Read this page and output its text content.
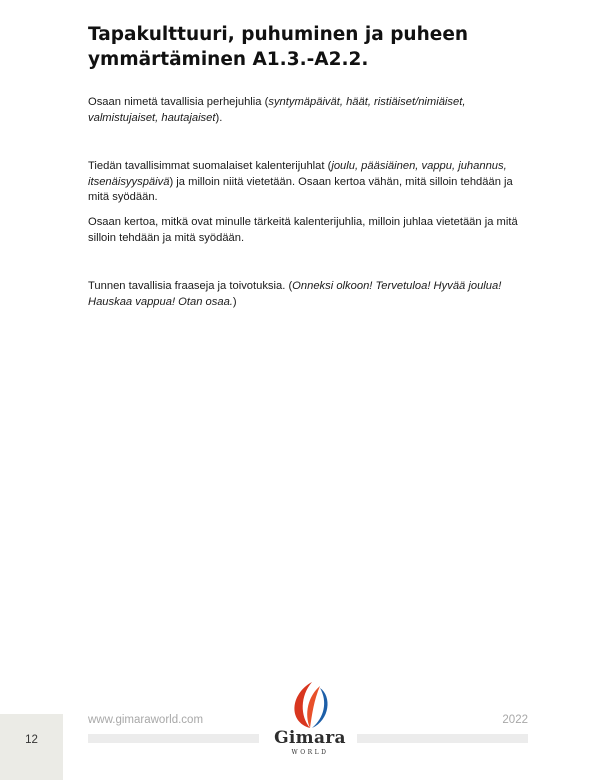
Tapakulttuuri, puhuminen ja puheen
ymmärtäminen A1.3.-A2.2.

Osaan nimetä tavallisia perhejuhlia (syntymäpäivät, häät, ristiäiset/nimiäiset, valmistujaiset, hautajaiset).

Tiedän tavallisimmat suomalaiset kalenterijuhlat (joulu, pääsiäinen, vappu, juhannus, itsenäisyyspäivä) ja milloin niitä vietetään. Osaan kertoa vähän, mitä silloin tehdään ja mitä syödään.

Osaan kertoa, mitkä ovat minulle tärkeitä kalenterijuhlia, milloin juhlaa vietetään ja mitä silloin tehdään ja mitä syödään.

Tunnen tavallisia fraaseja ja toivotuksia. (Onneksi olkoon! Tervetuloa! Hyvää joulua! Hauskaa vappua! Otan osaa.)

12
www.gimaraworld.com	2022
Gimara
WORLD
